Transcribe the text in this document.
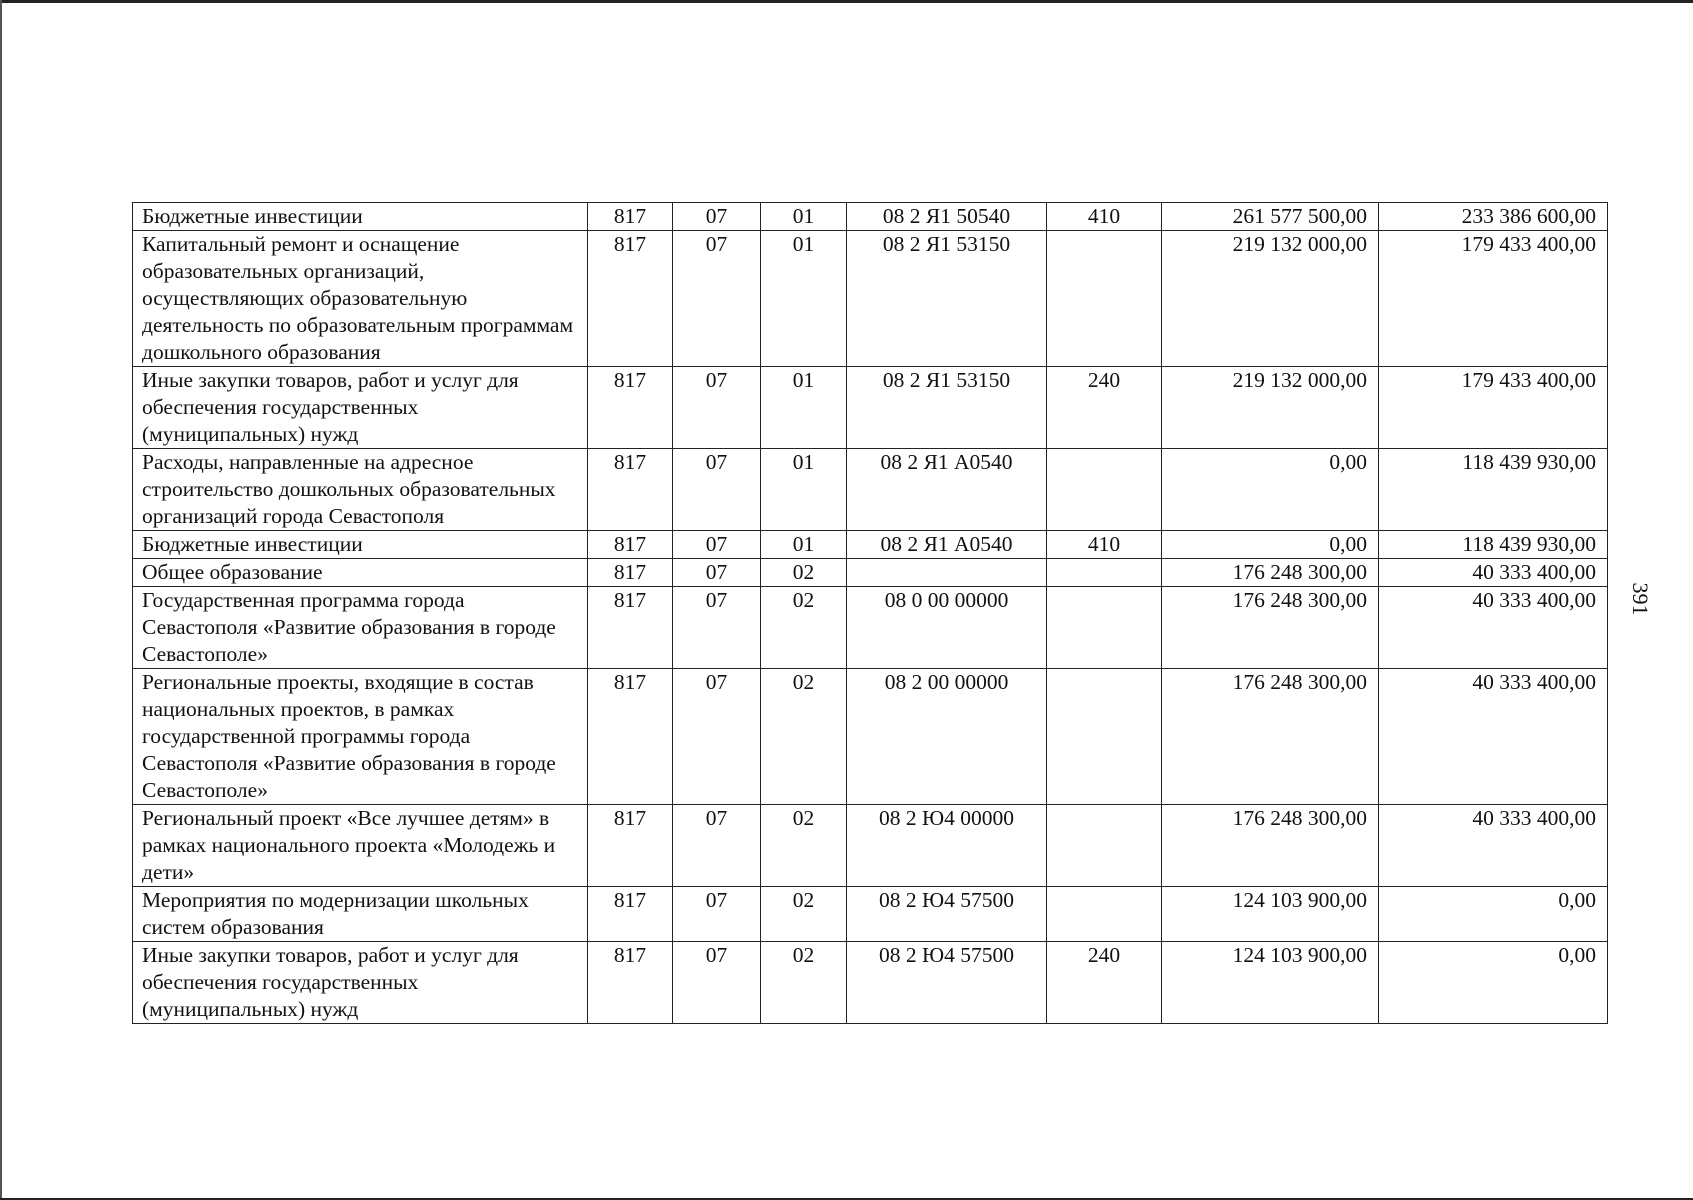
Бюджетные инвестиции	817	07	01	08 2 Я1 50540	410	261 577 500,00	233 386 600,00
Капитальный ремонт и оснащение образовательных организаций, осуществляющих образовательную деятельность по образовательным программам дошкольного образования	817	07	01	08 2 Я1 53150		219 132 000,00	179 433 400,00
Иные закупки товаров, работ и услуг для обеспечения государственных (муниципальных) нужд	817	07	01	08 2 Я1 53150	240	219 132 000,00	179 433 400,00
Расходы, направленные на адресное строительство дошкольных образовательных организаций города Севастополя	817	07	01	08 2 Я1 А0540		0,00	118 439 930,00
Бюджетные инвестиции	817	07	01	08 2 Я1 А0540	410	0,00	118 439 930,00
Общее образование	817	07	02			176 248 300,00	40 333 400,00
Государственная программа города Севастополя «Развитие образования в городе Севастополе»	817	07	02	08 0 00 00000		176 248 300,00	40 333 400,00
Региональные проекты, входящие в состав национальных проектов, в рамках государственной программы города Севастополя «Развитие образования в городе Севастополе»	817	07	02	08 2 00 00000		176 248 300,00	40 333 400,00
Региональный проект «Все лучшее детям» в рамках национального проекта «Молодежь и дети»	817	07	02	08 2 Ю4 00000		176 248 300,00	40 333 400,00
Мероприятия по модернизации школьных систем образования	817	07	02	08 2 Ю4 57500		124 103 900,00	0,00
Иные закупки товаров, работ и услуг для обеспечения государственных (муниципальных) нужд	817	07	02	08 2 Ю4 57500	240	124 103 900,00	0,00
391
